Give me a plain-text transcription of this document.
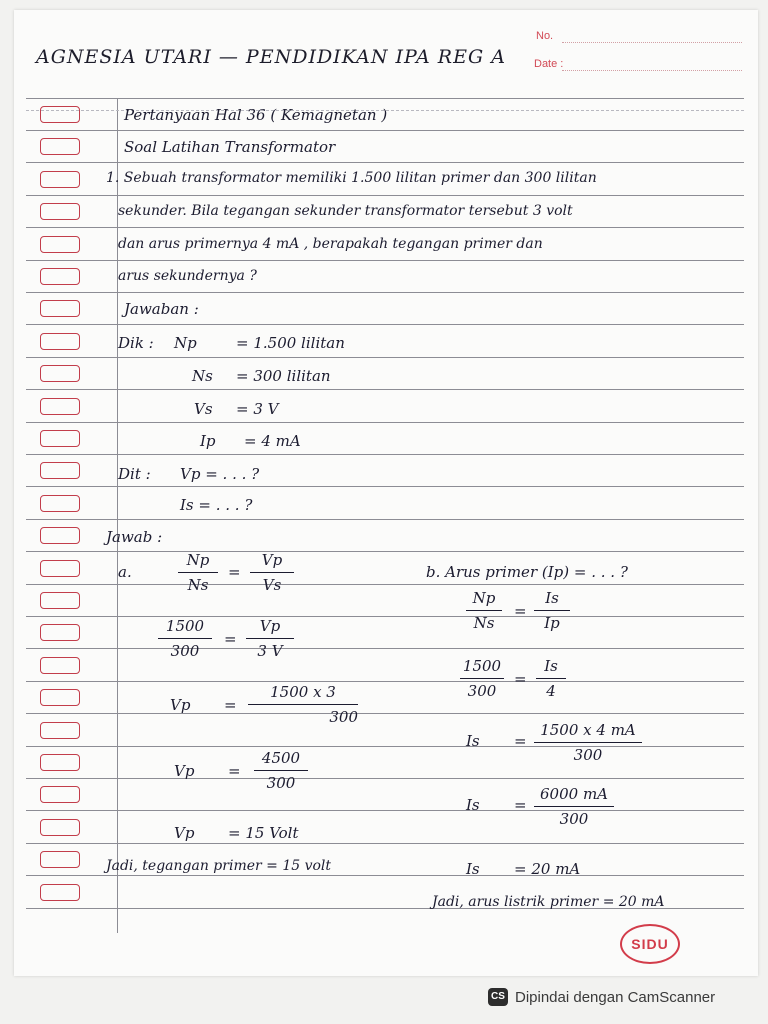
No.
Date :
AGNESIA UTARI — PENDIDIKAN IPA REG A
Pertanyaan Hal 36 ( Kemagnetan )
Soal Latihan Transformator
1. Sebuah transformator memiliki 1.500 lilitan primer dan 300 lilitan
sekunder. Bila tegangan sekunder transformator tersebut 3 volt
dan arus primernya 4 mA , berapakah tegangan primer dan
arus sekundernya ?
Jawaban :
Dik : Np	= 1.500 lilitan
Ns = 300 lilitan
Vs = 3 V
Ip = 4 mA
Dit : Vp = . . . ?
Is = . . . ?
Jawab :
a.
Np
Ns
=
Vp
Vs
1500
300
=
Vp
3 V
Vp =
1500 x 3
300
Vp =
4500
300
Vp = 15 Volt
Jadi, tegangan primer = 15 volt
b. Arus primer (Ip) = . . . ?
Np
Ns
=
Is
Ip
1500
300
=
Is
4
Is =
1500 x 4 mA
300
Is =
6000 mA
300
Is = 20 mA
Jadi, arus listrik primer = 20 mA
SIDU
CS Dipindai dengan CamScanner
